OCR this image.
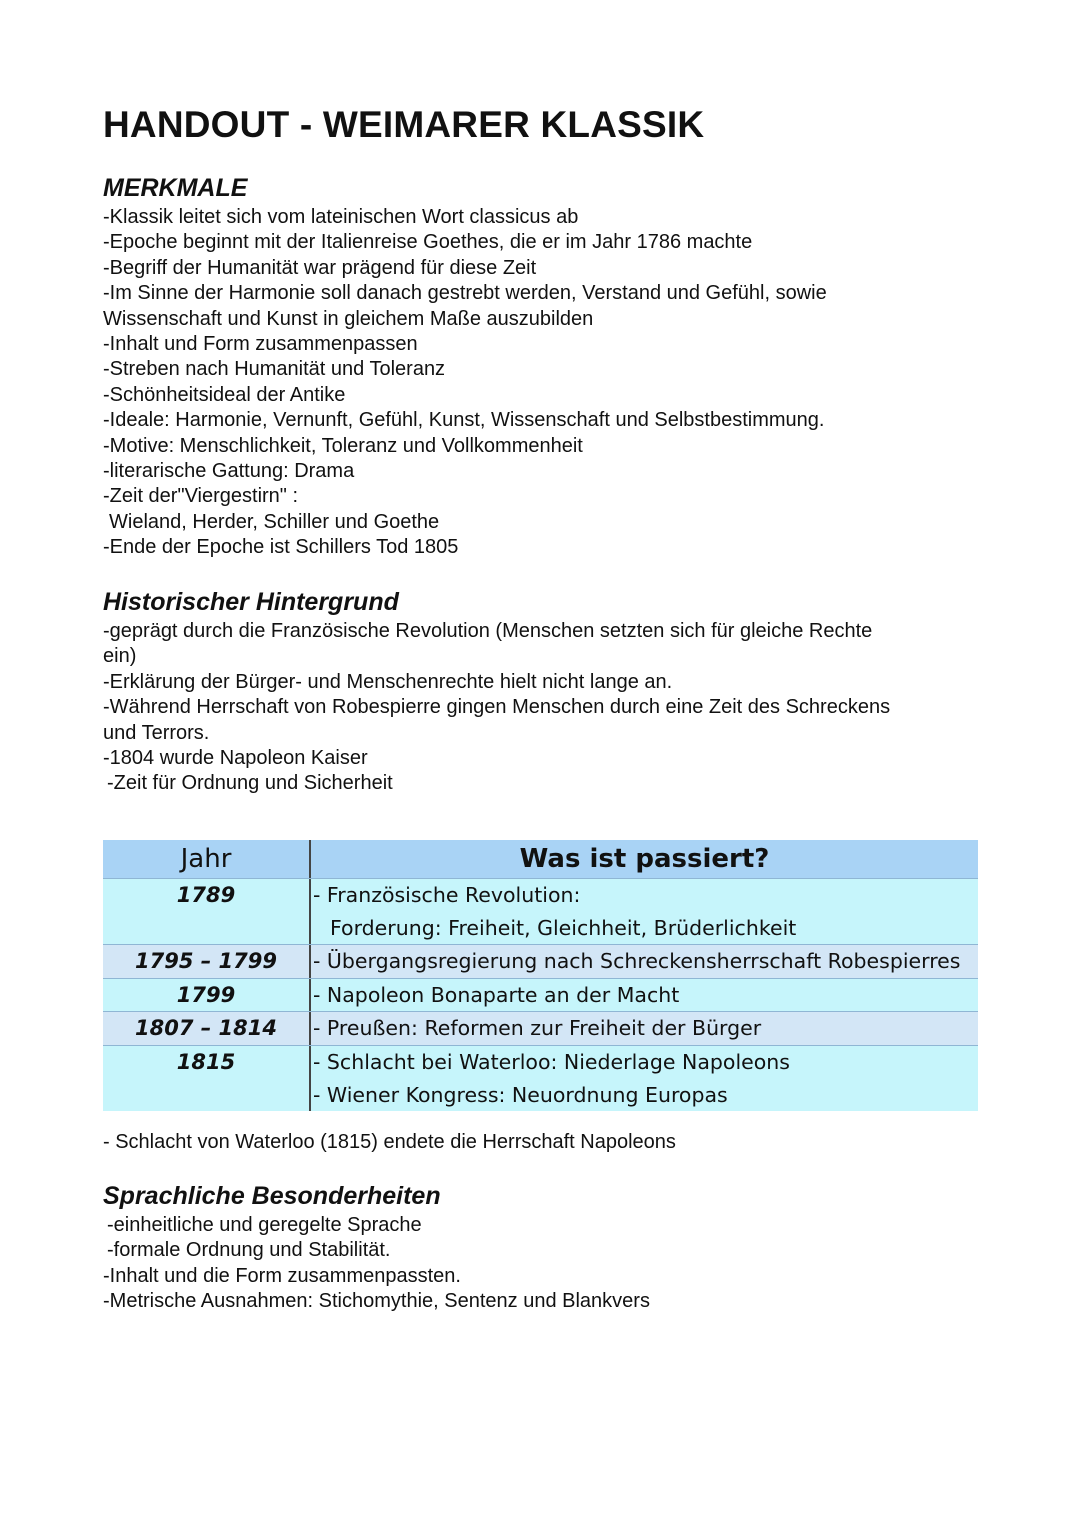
HANDOUT - WEIMARER KLASSIK
MERKMALE
-Klassik leitet sich vom lateinischen Wort classicus ab
-Epoche beginnt mit der Italienreise Goethes, die er im Jahr 1786 machte
-Begriff der Humanität war prägend für diese Zeit
-Im Sinne der Harmonie soll danach gestrebt werden, Verstand und Gefühl, sowie
Wissenschaft und Kunst in gleichem Maße auszubilden
-Inhalt und Form zusammenpassen
-Streben nach Humanität und Toleranz
-Schönheitsideal der Antike
-Ideale: Harmonie, Vernunft, Gefühl, Kunst, Wissenschaft und Selbstbestimmung.
-Motive: Menschlichkeit, Toleranz und Vollkommenheit
-literarische Gattung: Drama
-Zeit der"Viergestirn" :
Wieland, Herder, Schiller und Goethe
-Ende der Epoche ist Schillers Tod 1805
Historischer Hintergrund
-geprägt durch die Französische Revolution (Menschen setzten sich für gleiche Rechte
ein)
-Erklärung der Bürger- und Menschenrechte hielt nicht lange an.
-Während Herrschaft von Robespierre gingen Menschen durch eine Zeit des Schreckens
und Terrors.
-1804 wurde Napoleon Kaiser
-Zeit für Ordnung und Sicherheit
Jahr	Was ist passiert?
1789	- Französische Revolution:
Forderung: Freiheit, Gleichheit, Brüderlichkeit
1795 – 1799	- Übergangsregierung nach Schreckensherrschaft Robespierres
1799	- Napoleon Bonaparte an der Macht
1807 – 1814	- Preußen: Reformen zur Freiheit der Bürger
1815	- Schlacht bei Waterloo: Niederlage Napoleons
- Wiener Kongress: Neuordnung Europas
- Schlacht von Waterloo (1815) endete die Herrschaft Napoleons
Sprachliche Besonderheiten
-einheitliche und geregelte Sprache
-formale Ordnung und Stabilität.
-Inhalt und die Form zusammenpassten.
-Metrische Ausnahmen: Stichomythie, Sentenz und Blankvers
